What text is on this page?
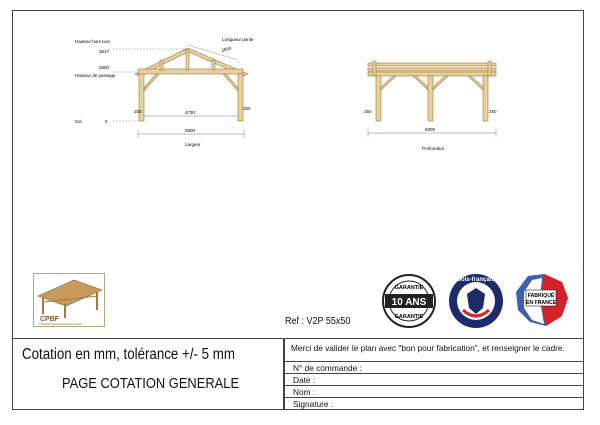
Hauteur hors tout
3517
2500
Hauteur de passage
Sol	0
Longueur pente
2850
250
250
4730
5500
Largeur
250	250
5000
Profondeur
CPBF
Conception Perseverance Bois Francais
GARANTIE
10 ANS
GARANTIE
bois-français
FABRIQUÉ
EN FRANCE
Ref : V2P 55x50
Cotation en mm, tolérance +/- 5 mm
PAGE COTATION GENERALE
Merci de valider le plan avec "bon pour fabrication", et renseigner le cadre.
N° de commande :
Date :
Nom :
Signature :
